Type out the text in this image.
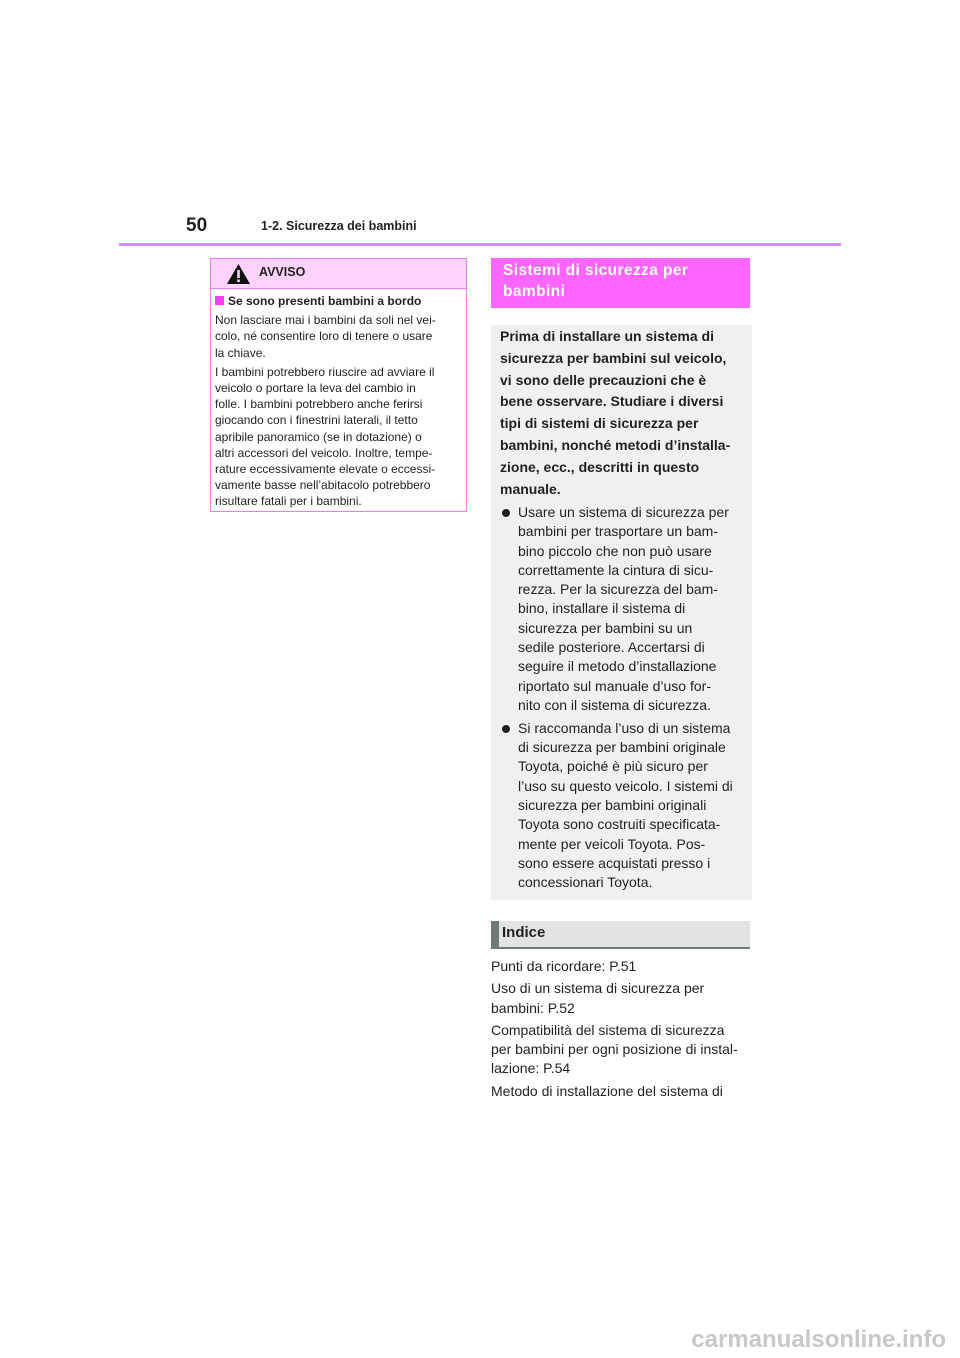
50	1-2. Sicurezza dei bambini
AVVISO
Se sono presenti bambini a bordo
Non lasciare mai i bambini da soli nel vei-
colo, né consentire loro di tenere o usare
la chiave.
I bambini potrebbero riuscire ad avviare il
veicolo o portare la leva del cambio in
folle. I bambini potrebbero anche ferirsi
giocando con i finestrini laterali, il tetto
apribile panoramico (se in dotazione) o
altri accessori del veicolo. Inoltre, tempe-
rature eccessivamente elevate o eccessi-
vamente basse nell’abitacolo potrebbero
risultare fatali per i bambini.
Sistemi di sicurezza per
bambini
Prima di installare un sistema di
sicurezza per bambini sul veicolo,
vi sono delle precauzioni che è
bene osservare. Studiare i diversi
tipi di sistemi di sicurezza per
bambini, nonché metodi d’installa-
zione, ecc., descritti in questo
manuale.
Usare un sistema di sicurezza per
bambini per trasportare un bam-
bino piccolo che non può usare
correttamente la cintura di sicu-
rezza. Per la sicurezza del bam-
bino, installare il sistema di
sicurezza per bambini su un
sedile posteriore. Accertarsi di
seguire il metodo d’installazione
riportato sul manuale d’uso for-
nito con il sistema di sicurezza.
Si raccomanda l’uso di un sistema
di sicurezza per bambini originale
Toyota, poiché è più sicuro per
l’uso su questo veicolo. I sistemi di
sicurezza per bambini originali
Toyota sono costruiti specificata-
mente per veicoli Toyota. Pos-
sono essere acquistati presso i
concessionari Toyota.
Indice
Punti da ricordare: P.51
Uso di un sistema di sicurezza per
bambini: P.52
Compatibilità del sistema di sicurezza
per bambini per ogni posizione di instal-
lazione: P.54
Metodo di installazione del sistema di
carmanualsonline.info
